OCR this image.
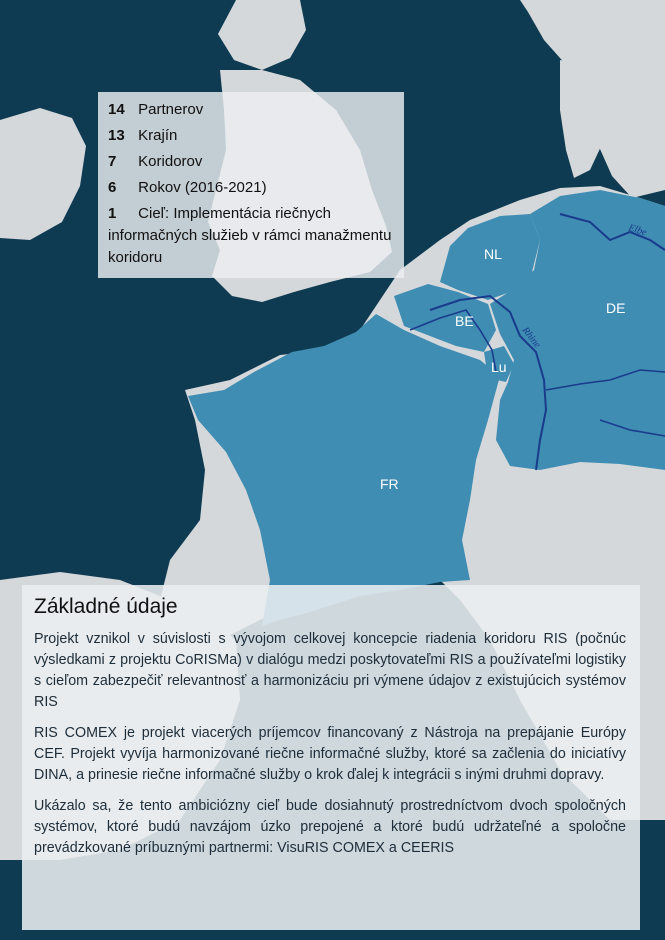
NL
BE
Lu
DE
FR
Elbe
Rhine
14 Partnerov
13 Krajín
7 Koridorov
6 Rokov (2016-2021)
1 Cieľ: Implementácia riečnych informačných služieb v rámci manažmentu koridoru
Základné údaje

Projekt vznikol v súvislosti s vývojom celkovej koncepcie riadenia koridoru RIS (počnúc výsledkami z projektu CoRISMa) v dialógu medzi poskytovateľmi RIS a používateľmi logistiky s cieľom zabezpečiť relevantnosť a harmonizáciu pri výmene údajov z existujúcich systémov RIS

RIS COMEX je projekt viacerých príjemcov financovaný z Nástroja na prepájanie Európy CEF. Projekt vyvíja harmonizované riečne informačné služby, ktoré sa začlenia do iniciatívy DINA, a prinesie riečne informačné služby o krok ďalej k integrácii s inými druhmi dopravy.

Ukázalo sa, že tento ambiciózny cieľ bude dosiahnutý prostredníctvom dvoch spoločných systémov, ktoré budú navzájom úzko prepojené a ktoré budú udržateľné a spoločne prevádzkované príbuznými partnermi: VisuRIS COMEX a CEERIS
